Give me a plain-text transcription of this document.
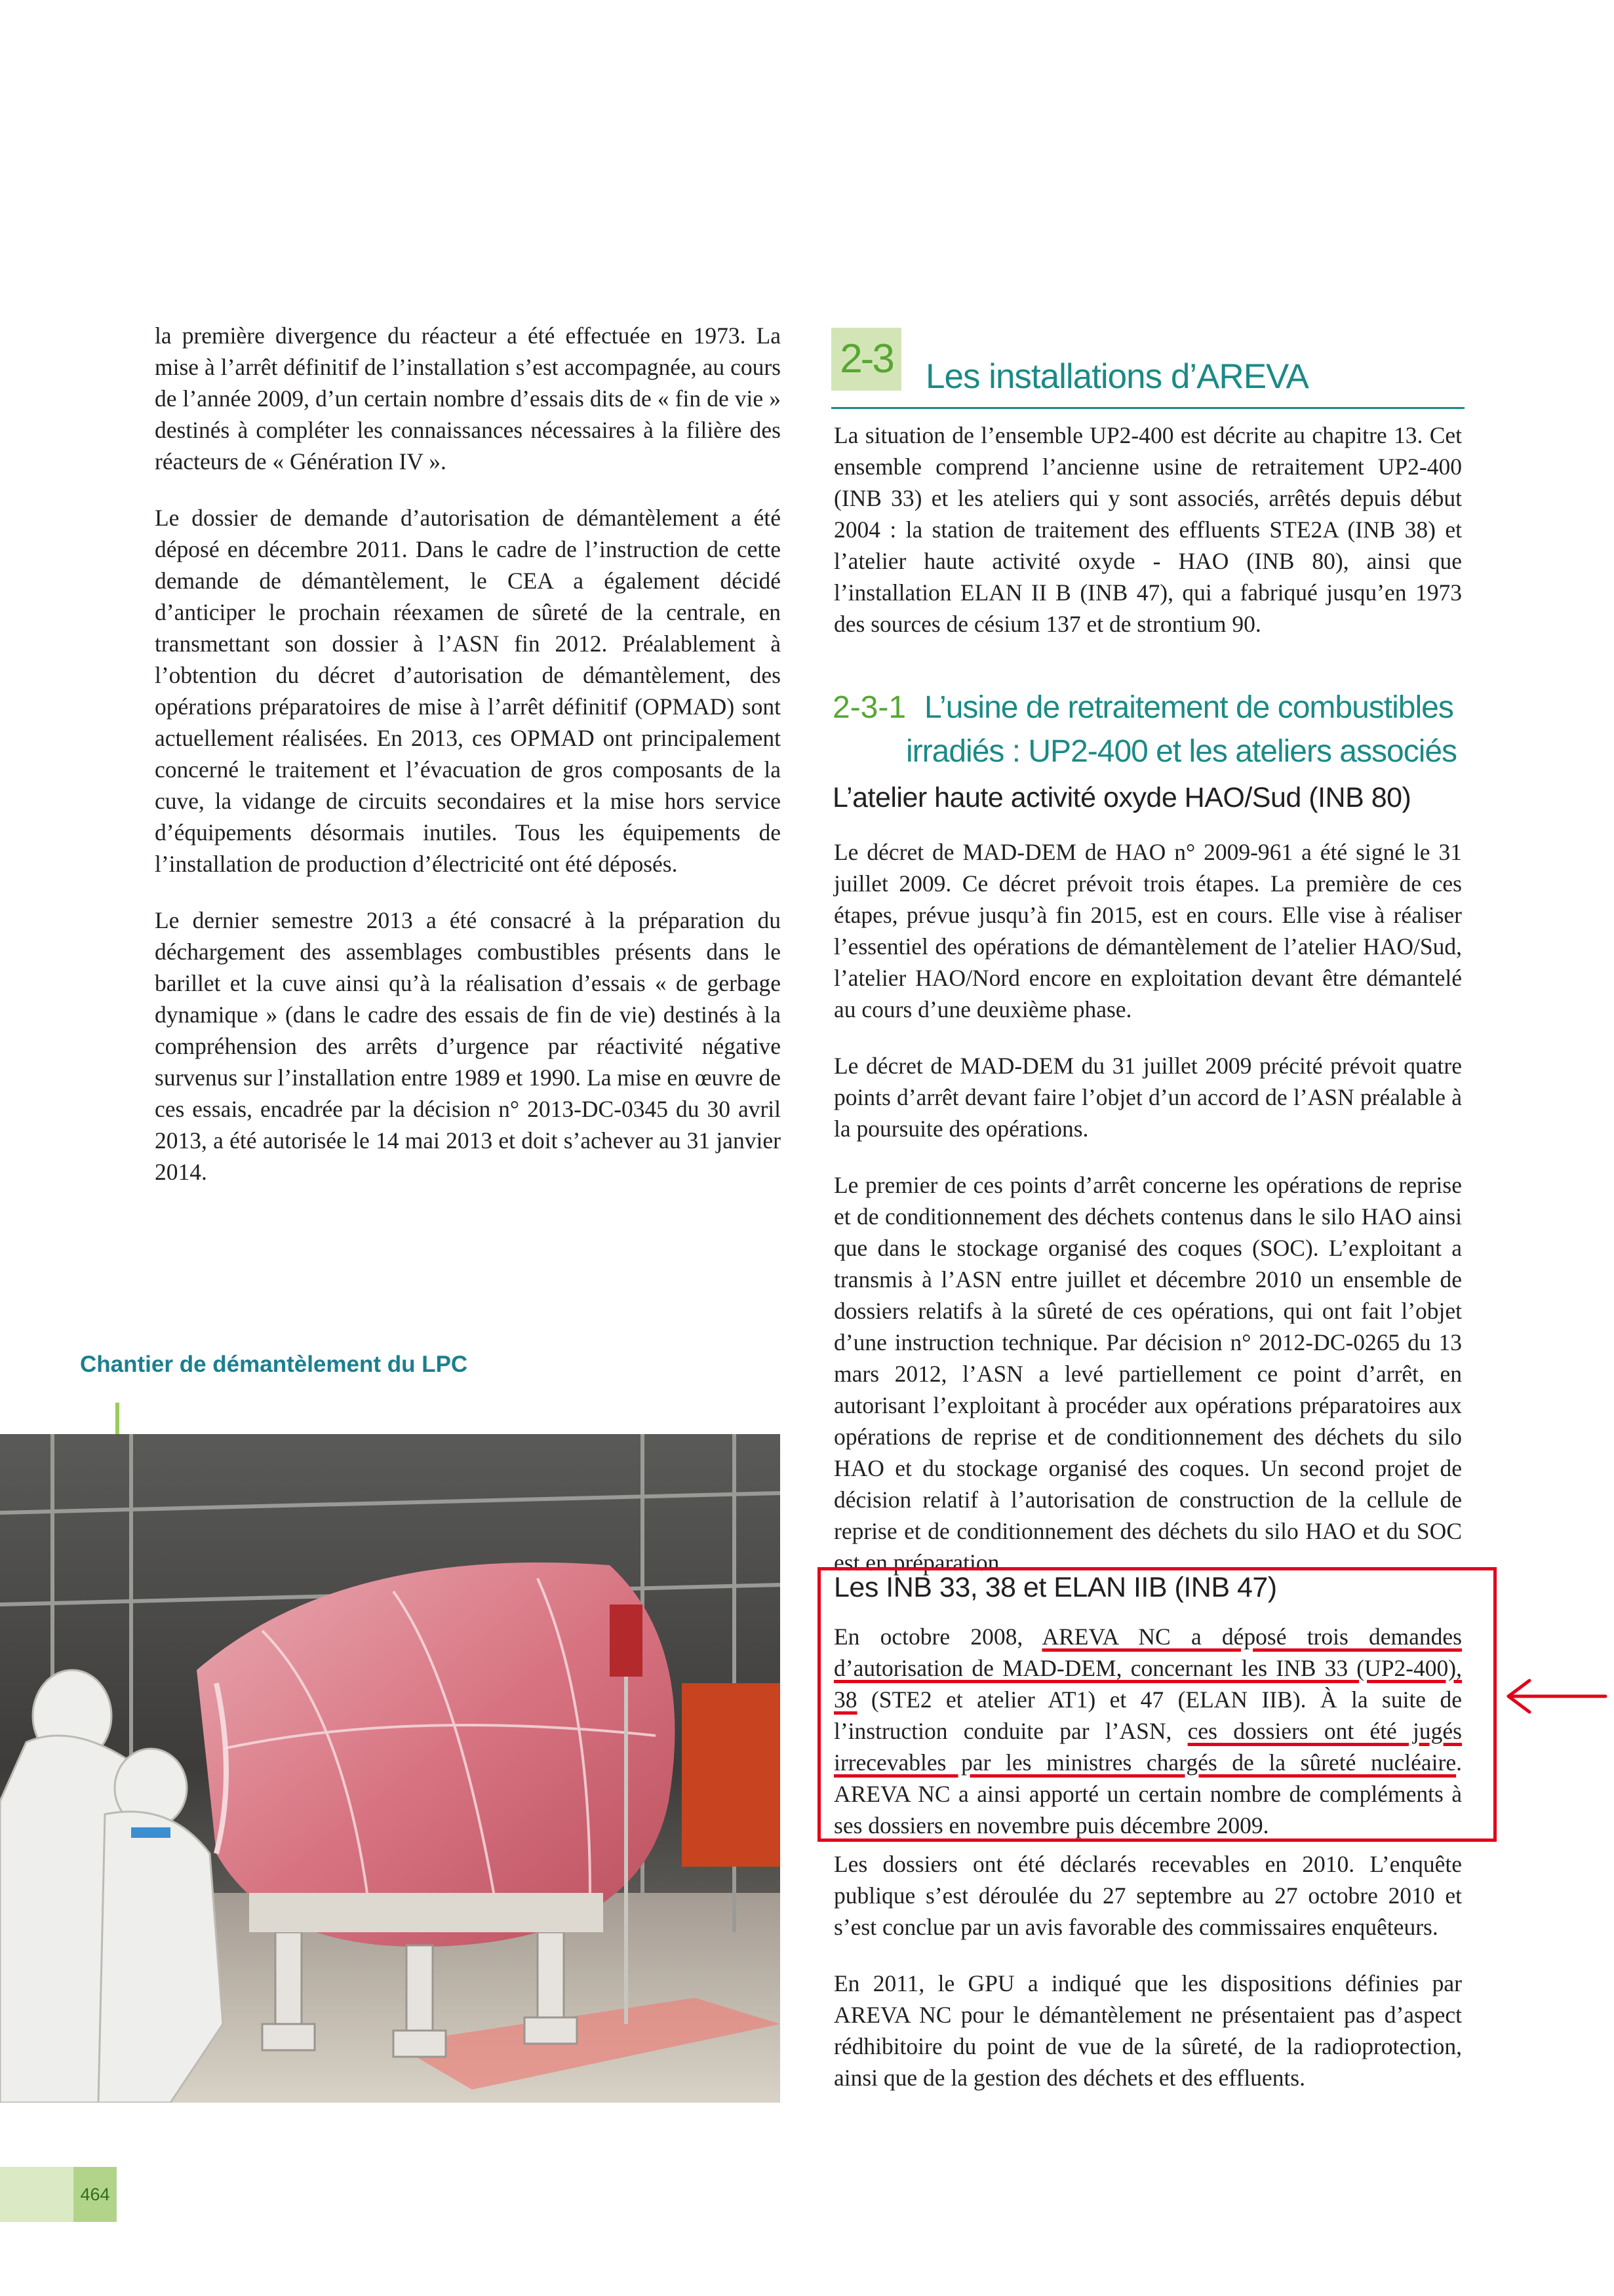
la première divergence du réacteur a été effectuée en 1973. La mise à l’arrêt définitif de l’installation s’est accompagnée, au cours de l’année 2009, d’un certain nombre d’essais dits de « fin de vie » destinés à compléter les connaissances nécessaires à la filière des réacteurs de « Génération IV ».

Le dossier de demande d’autorisation de démantèlement a été déposé en décembre 2011. Dans le cadre de l’instruction de cette demande de démantèlement, le CEA a également décidé d’anticiper le prochain réexamen de sûreté de la centrale, en transmettant son dossier à l’ASN fin 2012. Préalablement à l’obtention du décret d’autorisation de démantèlement, des opérations préparatoires de mise à l’arrêt définitif (OPMAD) sont actuellement réalisées. En 2013, ces OPMAD ont principalement concerné le traitement et l’évacuation de gros composants de la cuve, la vidange de circuits secondaires et la mise hors service d’équipements désormais inutiles. Tous les équipements de l’installation de production d’électricité ont été déposés.

Le dernier semestre 2013 a été consacré à la préparation du déchargement des assemblages combustibles présents dans le barillet et la cuve ainsi qu’à la réalisation d’essais « de gerbage dynamique » (dans le cadre des essais de fin de vie) destinés à la compréhension des arrêts d’urgence par réactivité négative survenus sur l’installation entre 1989 et 1990. La mise en œuvre de ces essais, encadrée par la décision n° 2013-DC-0345 du 30 avril 2013, a été autorisée le 14 mai 2013 et doit s’achever au 31 janvier 2014.

Chantier de démantèlement du LPC
2-3 Les installations d’AREVA

La situation de l’ensemble UP2-400 est décrite au chapitre 13. Cet ensemble comprend l’ancienne usine de retraitement UP2-400 (INB 33) et les ateliers qui y sont associés, arrêtés depuis début 2004 : la station de traitement des effluents STE2A (INB 38) et l’atelier haute activité oxyde - HAO (INB 80), ainsi que l’installation ELAN II B (INB 47), qui a fabriqué jusqu’en 1973 des sources de césium 137 et de strontium 90.

2-3-1 L’usine de retraitement de combustibles
irradiés : UP2-400 et les ateliers associés
L’atelier haute activité oxyde HAO/Sud (INB 80)

Le décret de MAD-DEM de HAO n° 2009-961 a été signé le 31 juillet 2009. Ce décret prévoit trois étapes. La première de ces étapes, prévue jusqu’à fin 2015, est en cours. Elle vise à réaliser l’essentiel des opérations de démantèlement de l’atelier HAO/Sud, l’atelier HAO/Nord encore en exploitation devant être démantelé au cours d’une deuxième phase.

Le décret de MAD-DEM du 31 juillet 2009 précité prévoit quatre points d’arrêt devant faire l’objet d’un accord de l’ASN préalable à la poursuite des opérations.

Le premier de ces points d’arrêt concerne les opérations de reprise et de conditionnement des déchets contenus dans le silo HAO ainsi que dans le stockage organisé des coques (SOC). L’exploitant a transmis à l’ASN entre juillet et décembre 2010 un ensemble de dossiers relatifs à la sûreté de ces opérations, qui ont fait l’objet d’une instruction technique. Par décision n° 2012-DC-0265 du 13 mars 2012, l’ASN a levé partiellement ce point d’arrêt, en autorisant l’exploitant à procéder aux opérations préparatoires aux opérations de reprise et de conditionnement des déchets du silo HAO et du stockage organisé des coques. Un second projet de décision relatif à l’autorisation de construction de la cellule de reprise et de conditionnement des déchets du silo HAO et du SOC est en préparation.

Les INB 33, 38 et ELAN IIB (INB 47)
En octobre 2008, AREVA NC a déposé trois demandes d’autorisation de MAD-DEM, concernant les INB 33 (UP2-400), 38 (STE2 et atelier AT1) et 47 (ELAN IIB). À la suite de l’instruction conduite par l’ASN, ces dossiers ont été jugés irrecevables par les ministres chargés de la sûreté nucléaire. AREVA NC a ainsi apporté un certain nombre de compléments à ses dossiers en novembre puis décembre 2009.

Les dossiers ont été déclarés recevables en 2010. L’enquête publique s’est déroulée du 27 septembre au 27 octobre 2010 et s’est conclue par un avis favorable des commissaires enquêteurs.

En 2011, le GPU a indiqué que les dispositions définies par AREVA NC pour le démantèlement ne présentaient pas d’aspect rédhibitoire du point de vue de la sûreté, de la radioprotection, ainsi que de la gestion des déchets et des effluents.

464
